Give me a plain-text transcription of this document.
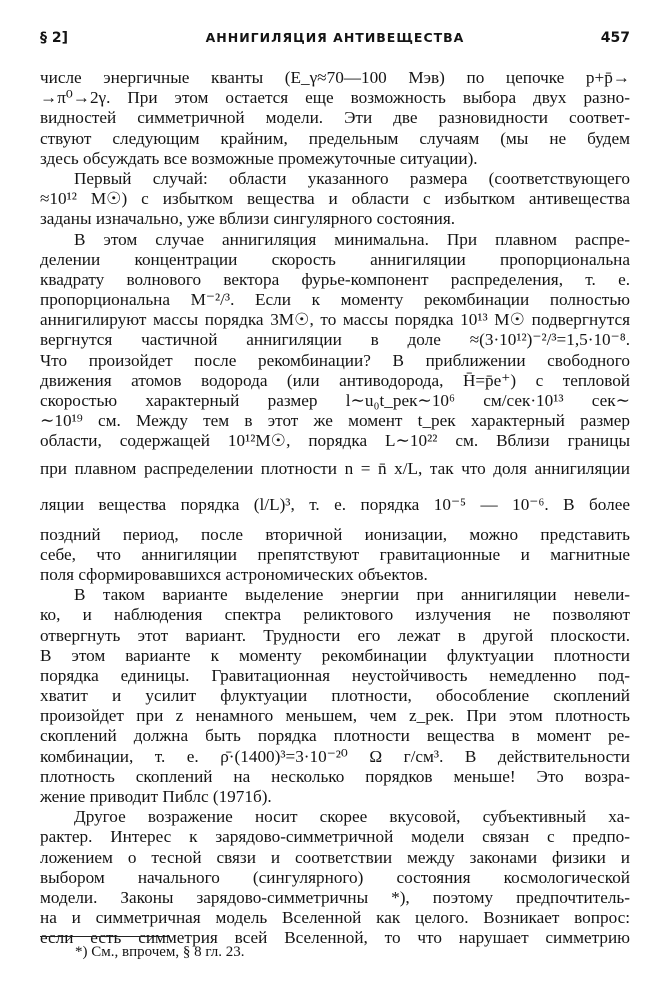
§ 2]	АННИГИЛЯЦИЯ АНТИВЕЩЕСТВА	457
числе энергичные кванты (E_γ≈70—100 Мэв) по цепочке p+p̄→
→π⁰→2γ. При этом остается еще возможность выбора двух разно-
видностей симметричной модели. Эти две разновидности соответ-
ствуют следующим крайним, предельным случаям (мы не будем
здесь обсуждать все возможные промежуточные ситуации).
Первый случай: области указанного размера (соответствующего
≈10¹² M☉) с избытком вещества и области с избытком антивещества
заданы изначально, уже вблизи сингулярного состояния.
В этом случае аннигиляция минимальна. При плавном распре-
делении концентрации скорость аннигиляции пропорциональна
квадрату волнового вектора фурье-компонент распределения, т. е.
пропорциональна M⁻²/³. Если к моменту рекомбинации полностью
аннигилируют массы порядка 3M☉, то массы порядка 10¹³ M☉ подвергнутся
вергнутся частичной аннигиляции в доле ≈(3·10¹²)⁻²/³=1,5·10⁻⁸.
Что произойдет после рекомбинации? В приближении свободного
движения атомов водорода (или антиводорода, H̄=p̄e⁺) с тепловой
скоростью характерный размер l∼u₀t_рек∼10⁶ см/сек·10¹³ сек∼
∼10¹⁹ см. Между тем в этот же момент t_рек характерный размер
области, содержащей 10¹²M☉, порядка L∼10²² см. Вблизи границы
при плавном распределении плотности n = n̄ x/L, так что доля аннигиляции
ляции вещества порядка (l/L)³, т. е. порядка 10⁻⁵ — 10⁻⁶. В более
поздний период, после вторичной ионизации, можно представить
себе, что аннигиляции препятствуют гравитационные и магнитные
поля сформировавшихся астрономических объектов.
В таком варианте выделение энергии при аннигиляции невели-
ко, и наблюдения спектра реликтового излучения не позволяют
отвергнуть этот вариант. Трудности его лежат в другой плоскости.
В этом варианте к моменту рекомбинации флуктуации плотности
порядка единицы. Гравитационная неустойчивость немедленно под-
хватит и усилит флуктуации плотности, обособление скоплений
произойдет при z ненамного меньшем, чем z_рек. При этом плотность
скоплений должна быть порядка плотности вещества в момент ре-
комбинации, т. е. ρ̄·(1400)³=3·10⁻²⁰ Ω г/см³. В действительности
плотность скоплений на несколько порядков меньше! Это возра-
жение приводит Пиблс (1971б).
Другое возражение носит скорее вкусовой, субъективный ха-
рактер. Интерес к зарядово-симметричной модели связан с предпо-
ложением о тесной связи и соответствии между законами физики и
выбором начального (сингулярного) состояния космологической
модели. Законы зарядово-симметричны *), поэтому предпочтитель-
на и симметричная модель Вселенной как целого. Возникает вопрос:
если есть симметрия всей Вселенной, то что нарушает симметрию
*) См., впрочем, § 8 гл. 23.
